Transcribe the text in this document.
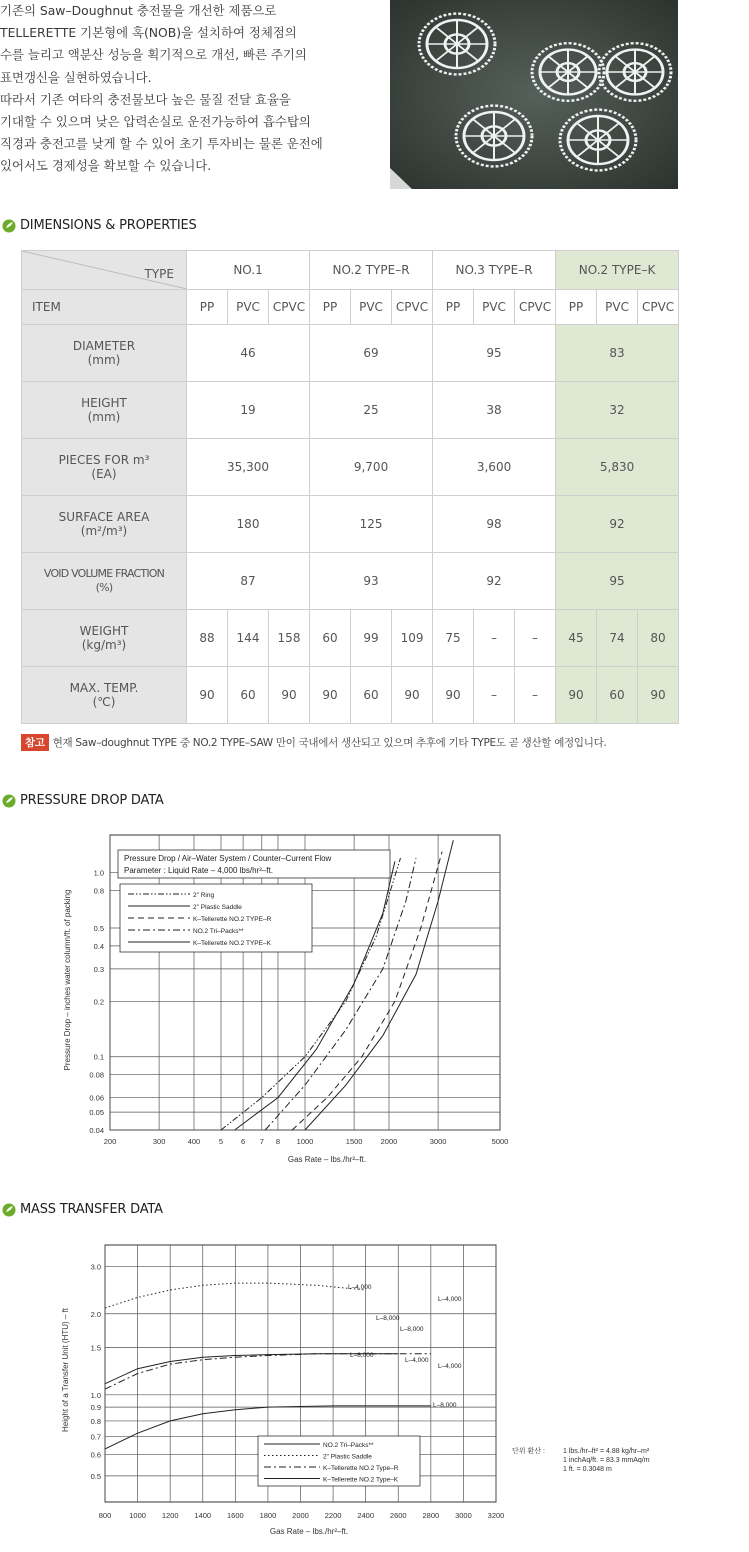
기존의 Saw–Doughnut 충전물을 개선한 제품으로

TELLERETTE 기본형에 혹(NOB)을 설치하여 정체점의

수를 늘리고 액분산 성능을 획기적으로 개선, 빠른 주기의

표면갱신을 실현하였습니다.

따라서 기존 여타의 충전물보다 높은 물질 전달 효율을

기대할 수 있으며 낮은 압력손실로 운전가능하여 흡수탑의

직경과 충전고를 낮게 할 수 있어 초기 투자비는 물론 운전에

있어서도 경제성을 확보할 수 있습니다.

DIMENSIONS & PROPERTIES
TYPE	NO.1			NO.2 TYPE–R			NO.3 TYPE–R			NO.2 TYPE–K		
ITEM	PP	PVC	CPVC	PP	PVC	CPVC	PP	PVC	CPVC	PP	PVC	CPVC

DIAMETER
(mm)	46			69			95			83		

HEIGHT
(mm)	19			25			38			32		

PIECES FOR m³
(EA)	35,300			9,700			3,600			5,830		

SURFACE AREA
(m²/m³)	180			125			98			92		

VOID VOLUME FRACTION
(%)	87			93			92			95		

WEIGHT
(kg/m³)	88	144	158	60	99	109	75	–	–	45	74	80

MAX. TEMP.
(℃)	90	60	90	90	60	90	90	–	–	90	60	90
참고 현재 Saw–doughnut TYPE 중 NO.2 TYPE–SAW 만이 국내에서 생산되고 있으며 추후에 기타 TYPE도 곧 생산할 예정입니다.
PRESSURE DROP DATA
200	300	400 5 6 7 8 1000	1500 2000	3000	5000
1.0
0.8
0.5
0.4
0.3
0.2
0.1
0.08
0.06
0.05
0.04
Pressure Drop / Air–Water System / Counter–Current Flow
Parameter : Liquid Rate – 4,000 lbs/hr²–ft.
2" Ring
2" Plastic Saddle
K–Tellerette NO.2 TYPE–R
NO.2 Tri–Packs**
K–Tellerette NO.2 TYPE–K
Gas Rate – lbs./hr²–ft.
Pressure Drop – inches water column/ft. of packing
MASS TRANSFER DATA
800 1000 1200 1400 1600 1800 2000 2200 2400 2600 2800 3000 3200
3.0
2.0
1.5
1.0
0.9
0.8
0.7
0.6
0.5
L–4,000
L–8,000
L–4,000
L–8,000
L–4,000
L–4,000
L–8,000
L–8,000
NO.2 Tri–Packs**
2" Plastic Saddle
K–Tellerette NO.2 Type–R
K–Tellerette NO.2 Type–K
Gas Rate – lbs./hr²–ft.
Height of a Transfer Unit (HTU) – ft
단위 환산 :	1 lbs./hr–ft² = 4.88 kg/hr–m²
1 inchAq/ft. = 83.3 mmAq/m
1 ft. = 0.3048 m
